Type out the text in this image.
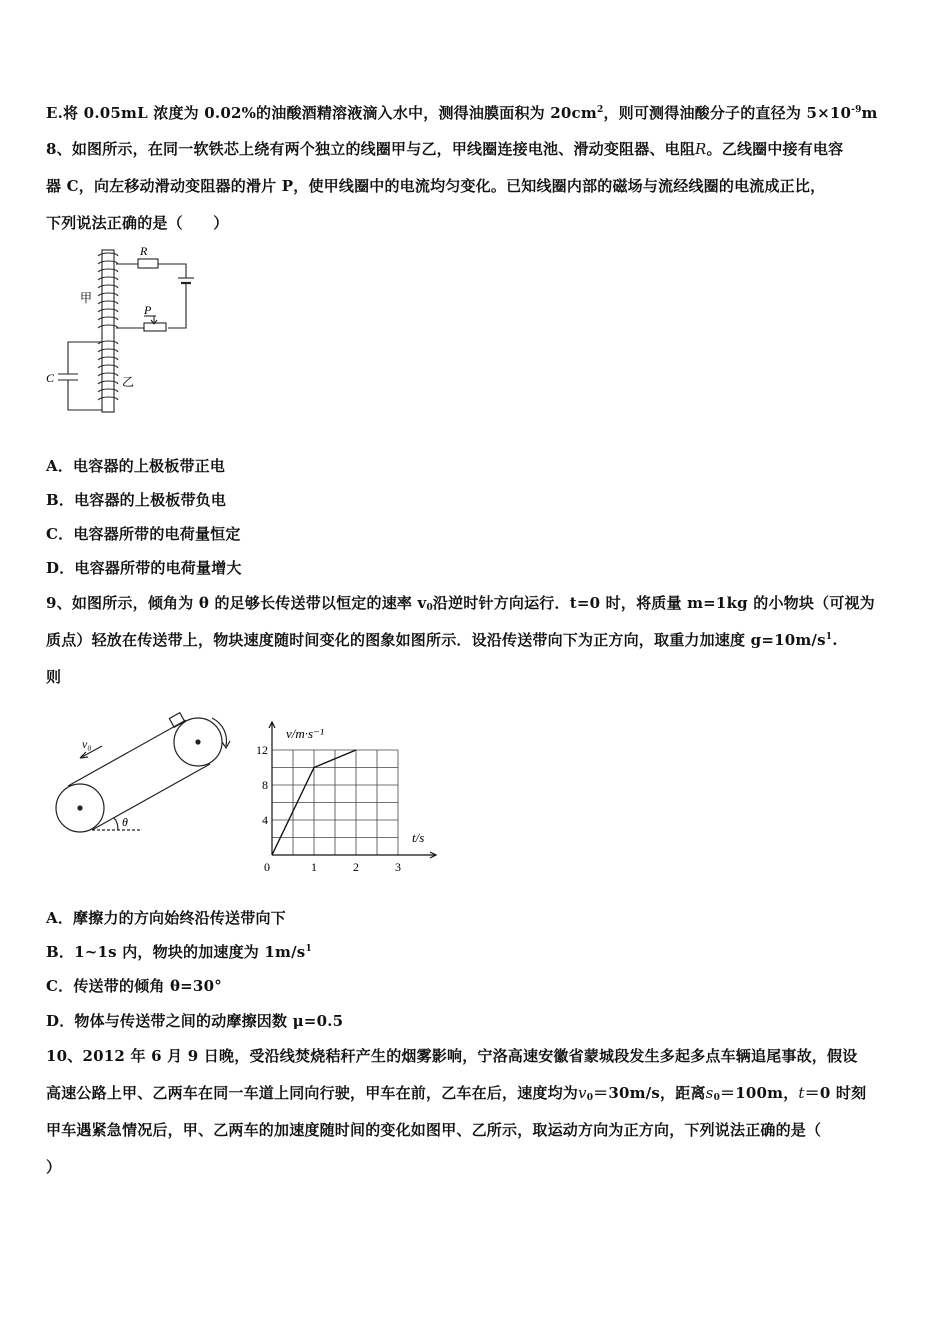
E.将 0.05mL 浓度为 0.02%的油酸酒精溶液滴入水中，测得油膜面积为 $20cm^2$，则可测得油酸分子的直径为 $5\times 10^{-9}m$
8、如图所示，在同一软铁芯上绕有两个独立的线圈甲与乙，甲线圈连接电池、滑动变阻器、电阻R。乙线圈中接有电容
器 C，向左移动滑动变阻器的滑片 P，使甲线圈中的电流均匀变化。已知线圈内部的磁场与流经线圈的电流成正比，
下列说法正确的是（　　）
R
甲
P
C	乙
A．电容器的上极板带正电
B．电容器的上极板带负电
C．电容器所带的电荷量恒定
D．电容器所带的电荷量增大
9、如图所示，倾角为 θ 的足够长传送带以恒定的速率 $v_0$沿逆时针方向运行．t=0 时，将质量 m=1kg 的小物块（可视为
质点）轻放在传送带上，物块速度随时间变化的图象如图所示．设沿传送带向下为正方向，取重力加速度 $g=10m/s^1$.
则
v₀
θ
12
8
4
0	1	2	3
v/m·s⁻¹
t/s
A．摩擦力的方向始终沿传送带向下
B．1~1s 内，物块的加速度为 $1m/s^1$
C．传送带的倾角 θ=30°
D．物体与传送带之间的动摩擦因数 μ=0.5
10、2012 年 6 月 9 日晚，受沿线焚烧秸秆产生的烟雾影响，宁洛高速安徽省蒙城段发生多起多点车辆追尾事故，假设
高速公路上甲、乙两车在同一车道上同向行驶，甲车在前，乙车在后，速度均为$v_0=30m/s$，距离$s_0=100m$，t＝0 时刻
甲车遇紧急情况后，甲、乙两车的加速度随时间的变化如图甲、乙所示，取运动方向为正方向，下列说法正确的是（
）
